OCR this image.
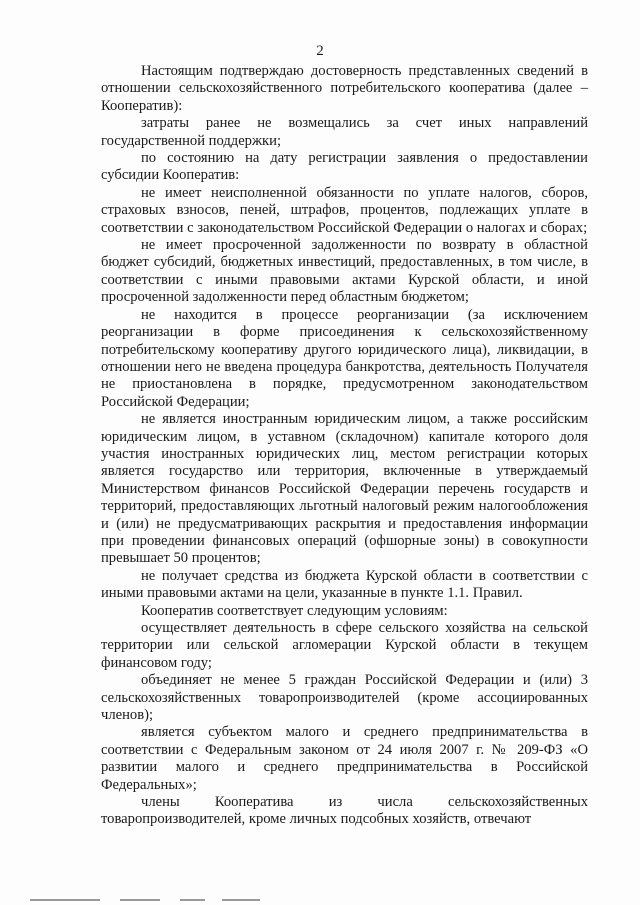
2

Настоящим подтверждаю достоверность представленных сведений в отношении сельскохозяйственного потребительского кооператива (далее – Кооператив):

затраты ранее не возмещались за счет иных направлений государственной поддержки;

по состоянию на дату регистрации заявления о предоставлении субсидии Кооператив:

не имеет неисполненной обязанности по уплате налогов, сборов, страховых взносов, пеней, штрафов, процентов, подлежащих уплате в соответствии с законодательством Российской Федерации о налогах и сборах;

не имеет просроченной задолженности по возврату в областной бюджет субсидий, бюджетных инвестиций, предоставленных, в том числе, в соответствии с иными правовыми актами Курской области, и иной просроченной задолженности перед областным бюджетом;

не находится в процессе реорганизации (за исключением реорганизации в форме присоединения к сельскохозяйственному потребительскому кооперативу другого юридического лица), ликвидации, в отношении него не введена процедура банкротства, деятельность Получателя не приостановлена в порядке, предусмотренном законодательством Российской Федерации;

не является иностранным юридическим лицом, а также российским юридическим лицом, в уставном (складочном) капитале которого доля участия иностранных юридических лиц, местом регистрации которых является государство или территория, включенные в утверждаемый Министерством финансов Российской Федерации перечень государств и территорий, предоставляющих льготный налоговый режим налогообложения и (или) не предусматривающих раскрытия и предоставления информации при проведении финансовых операций (офшорные зоны) в совокупности превышает 50 процентов;

не получает средства из бюджета Курской области в соответствии с иными правовыми актами на цели, указанные в пункте 1.1. Правил.

Кооператив соответствует следующим условиям:

осуществляет деятельность в сфере сельского хозяйства на сельской территории или сельской агломерации Курской области в текущем финансовом году;

объединяет не менее 5 граждан Российской Федерации и (или) 3 сельскохозяйственных товаропроизводителей (кроме ассоциированных членов);

является субъектом малого и среднего предпринимательства в соответствии с Федеральным законом от 24 июля 2007 г. № 209-ФЗ «О развитии малого и среднего предпринимательства в Российской Федеральных»;

члены Кооператива из числа сельскохозяйственных товаропроизводителей, кроме личных подсобных хозяйств, отвечают
